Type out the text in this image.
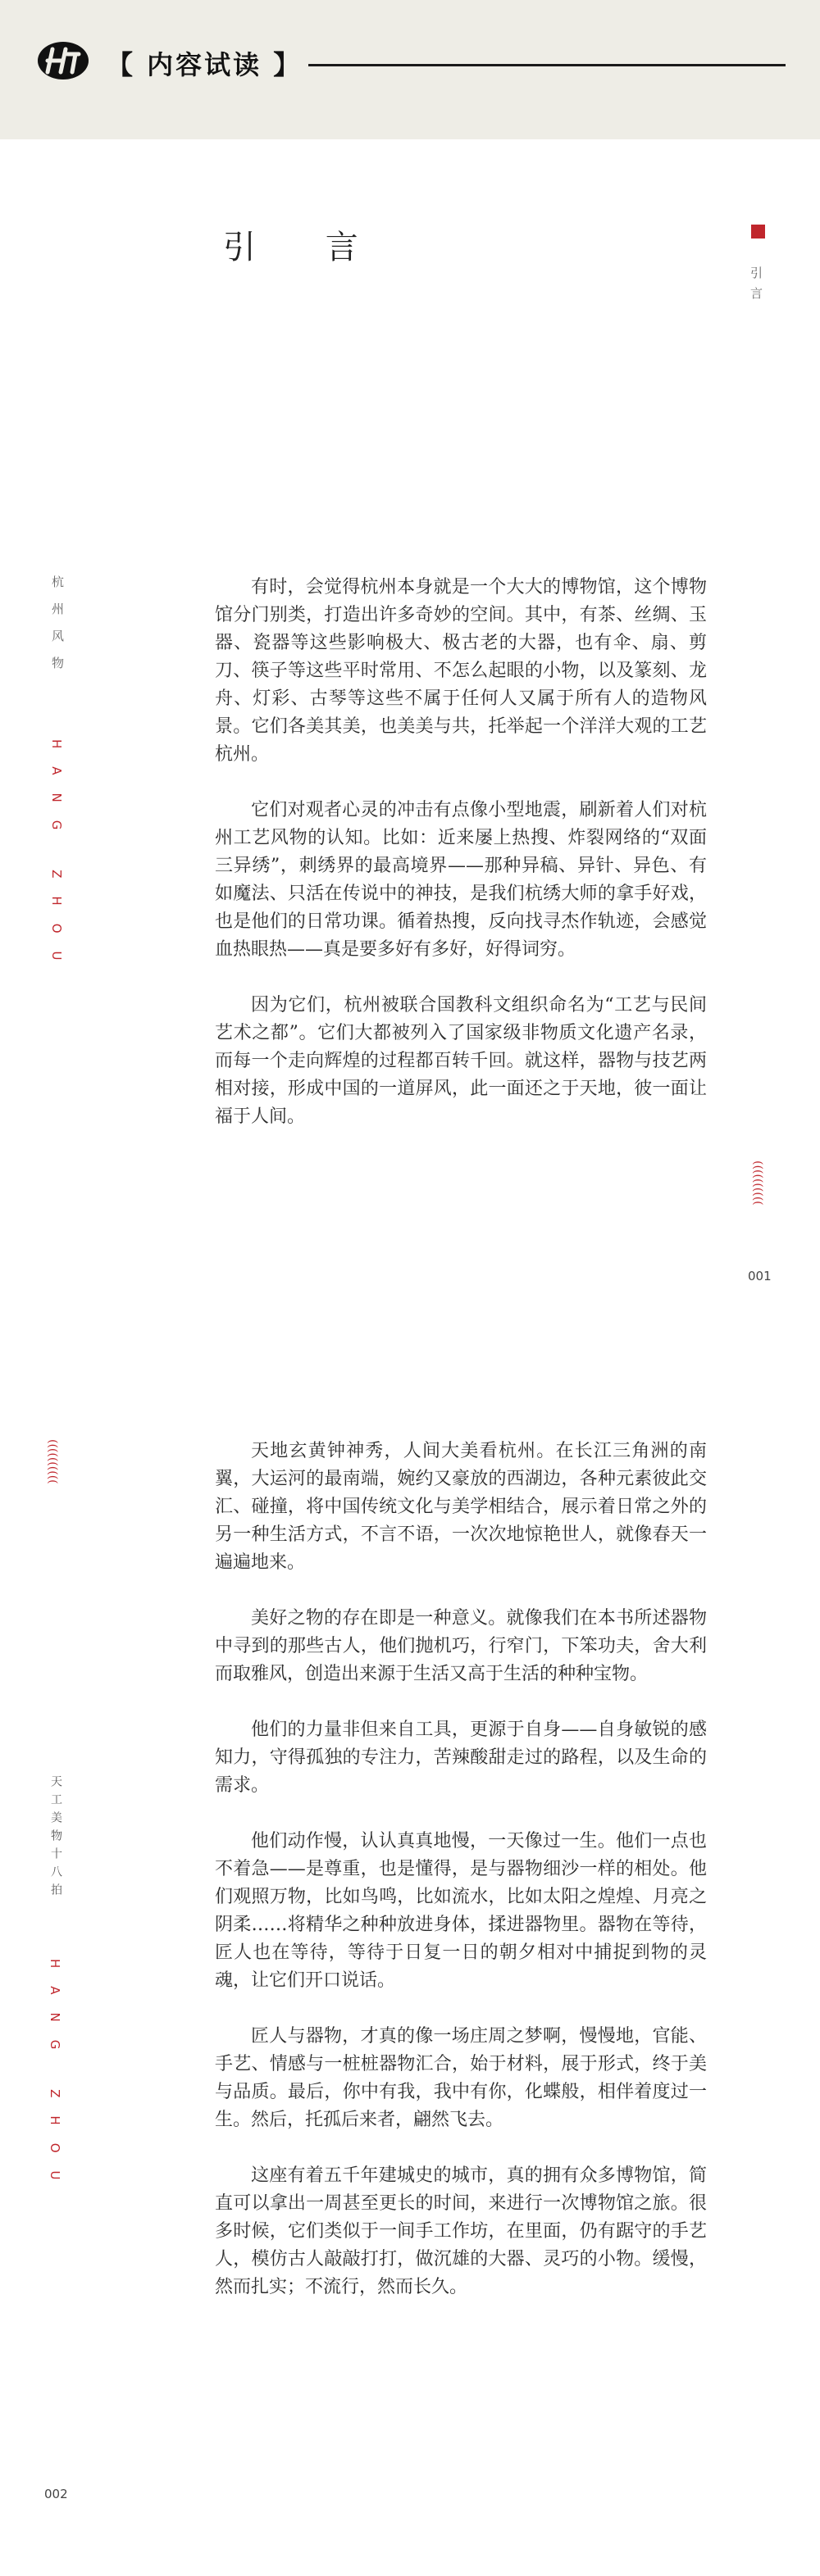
【 内容试读 】
引 言
引言
杭州风物
HANG ZHOU

有时，会觉得杭州本身就是一个大大的博物馆，这个博物馆分门别类，打造出许多奇妙的空间。其中，有茶、丝绸、玉器、瓷器等这些影响极大、极古老的大器，也有伞、扇、剪刀、筷子等这些平时常用、不怎么起眼的小物，以及篆刻、龙舟、灯彩、古琴等这些不属于任何人又属于所有人的造物风景。它们各美其美，也美美与共，托举起一个洋洋大观的工艺杭州。

它们对观者心灵的冲击有点像小型地震，刷新着人们对杭州工艺风物的认知。比如：近来屡上热搜、炸裂网络的“双面三异绣”，刺绣界的最高境界——那种异稿、异针、异色、有如魔法、只活在传说中的神技，是我们杭绣大师的拿手好戏，也是他们的日常功课。循着热搜，反向找寻杰作轨迹，会感觉血热眼热——真是要多好有多好，好得词穷。

因为它们，杭州被联合国教科文组织命名为“工艺与民间艺术之都”。它们大都被列入了国家级非物质文化遗产名录，而每一个走向辉煌的过程都百转千回。就这样，器物与技艺两相对接，形成中国的一道屏风，此一面还之于天地，彼一面让福于人间。

((((((((((
001
((((((((((
天工美物十八拍
HANG ZHOU

天地玄黄钟神秀，人间大美看杭州。在长江三角洲的南翼，大运河的最南端，婉约又豪放的西湖边，各种元素彼此交汇、碰撞，将中国传统文化与美学相结合，展示着日常之外的另一种生活方式，不言不语，一次次地惊艳世人，就像春天一遍遍地来。

美好之物的存在即是一种意义。就像我们在本书所述器物中寻到的那些古人，他们抛机巧，行窄门，下笨功夫，舍大利而取雅风，创造出来源于生活又高于生活的种种宝物。

他们的力量非但来自工具，更源于自身——自身敏锐的感知力，守得孤独的专注力，苦辣酸甜走过的路程，以及生命的需求。

他们动作慢，认认真真地慢，一天像过一生。他们一点也不着急——是尊重，也是懂得，是与器物细沙一样的相处。他们观照万物，比如鸟鸣，比如流水，比如太阳之煌煌、月亮之阴柔……将精华之种种放进身体，揉进器物里。器物在等待，匠人也在等待，等待于日复一日的朝夕相对中捕捉到物的灵魂，让它们开口说话。

匠人与器物，才真的像一场庄周之梦啊，慢慢地，官能、手艺、情感与一桩桩器物汇合，始于材料，展于形式，终于美与品质。最后，你中有我，我中有你，化蝶般，相伴着度过一生。然后，托孤后来者，翩然飞去。

这座有着五千年建城史的城市，真的拥有众多博物馆，简直可以拿出一周甚至更长的时间，来进行一次博物馆之旅。很多时候，它们类似于一间手工作坊，在里面，仍有踞守的手艺人，模仿古人敲敲打打，做沉雄的大器、灵巧的小物。缓慢，然而扎实；不流行，然而长久。

002
